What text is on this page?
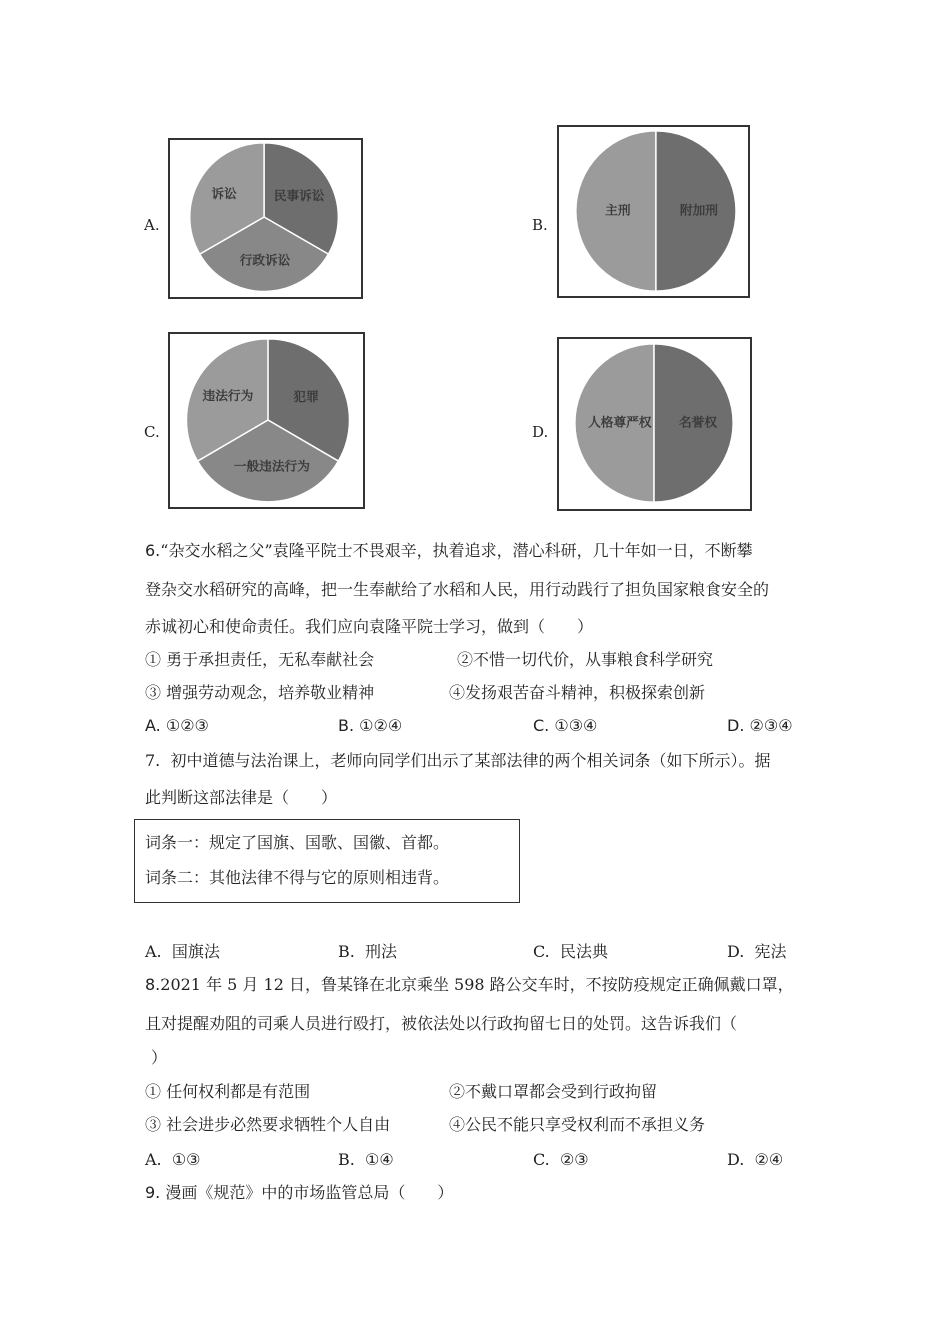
A.	B.
C.	D.
诉讼	民事诉讼
行政诉讼
主刑	附加刑
违法行为	犯罪
一般违法行为
人格尊严权 名誉权
6.“杂交水稻之父”袁隆平院士不畏艰辛，执着追求，潜心科研，几十年如一日，不断攀
登杂交水稻研究的高峰，把一生奉献给了水稻和人民，用行动践行了担负国家粮食安全的
赤诚初心和使命责任。我们应向袁隆平院士学习，做到（　　）
① 勇于承担责任，无私奉献社会	②不惜一切代价，从事粮食科学研究
③ 增强劳动观念，培养敬业精神	④发扬艰苦奋斗精神，积极探索创新
A. ①②③	B. ①②④	C. ①③④	D. ②③④
7. 初中道德与法治课上，老师向同学们出示了某部法律的两个相关词条（如下所示）。据
此判断这部法律是（　　）
词条一：规定了国旗、国歌、国徽、首都。
词条二：其他法律不得与它的原则相违背。
A. 国旗法	B. 刑法	C. 民法典	D. 宪法
8.2021 年 5 月 12 日，鲁某锋在北京乘坐 598 路公交车时，不按防疫规定正确佩戴口罩，
且对提醒劝阻的司乘人员进行殴打，被依法处以行政拘留七日的处罚。这告诉我们（
）
① 任何权利都是有范围	②不戴口罩都会受到行政拘留
③ 社会进步必然要求牺牲个人自由	④公民不能只享受权利而不承担义务
A. ①③	B. ①④	C. ②③	D. ②④
9. 漫画《规范》中的市场监管总局（　　）
